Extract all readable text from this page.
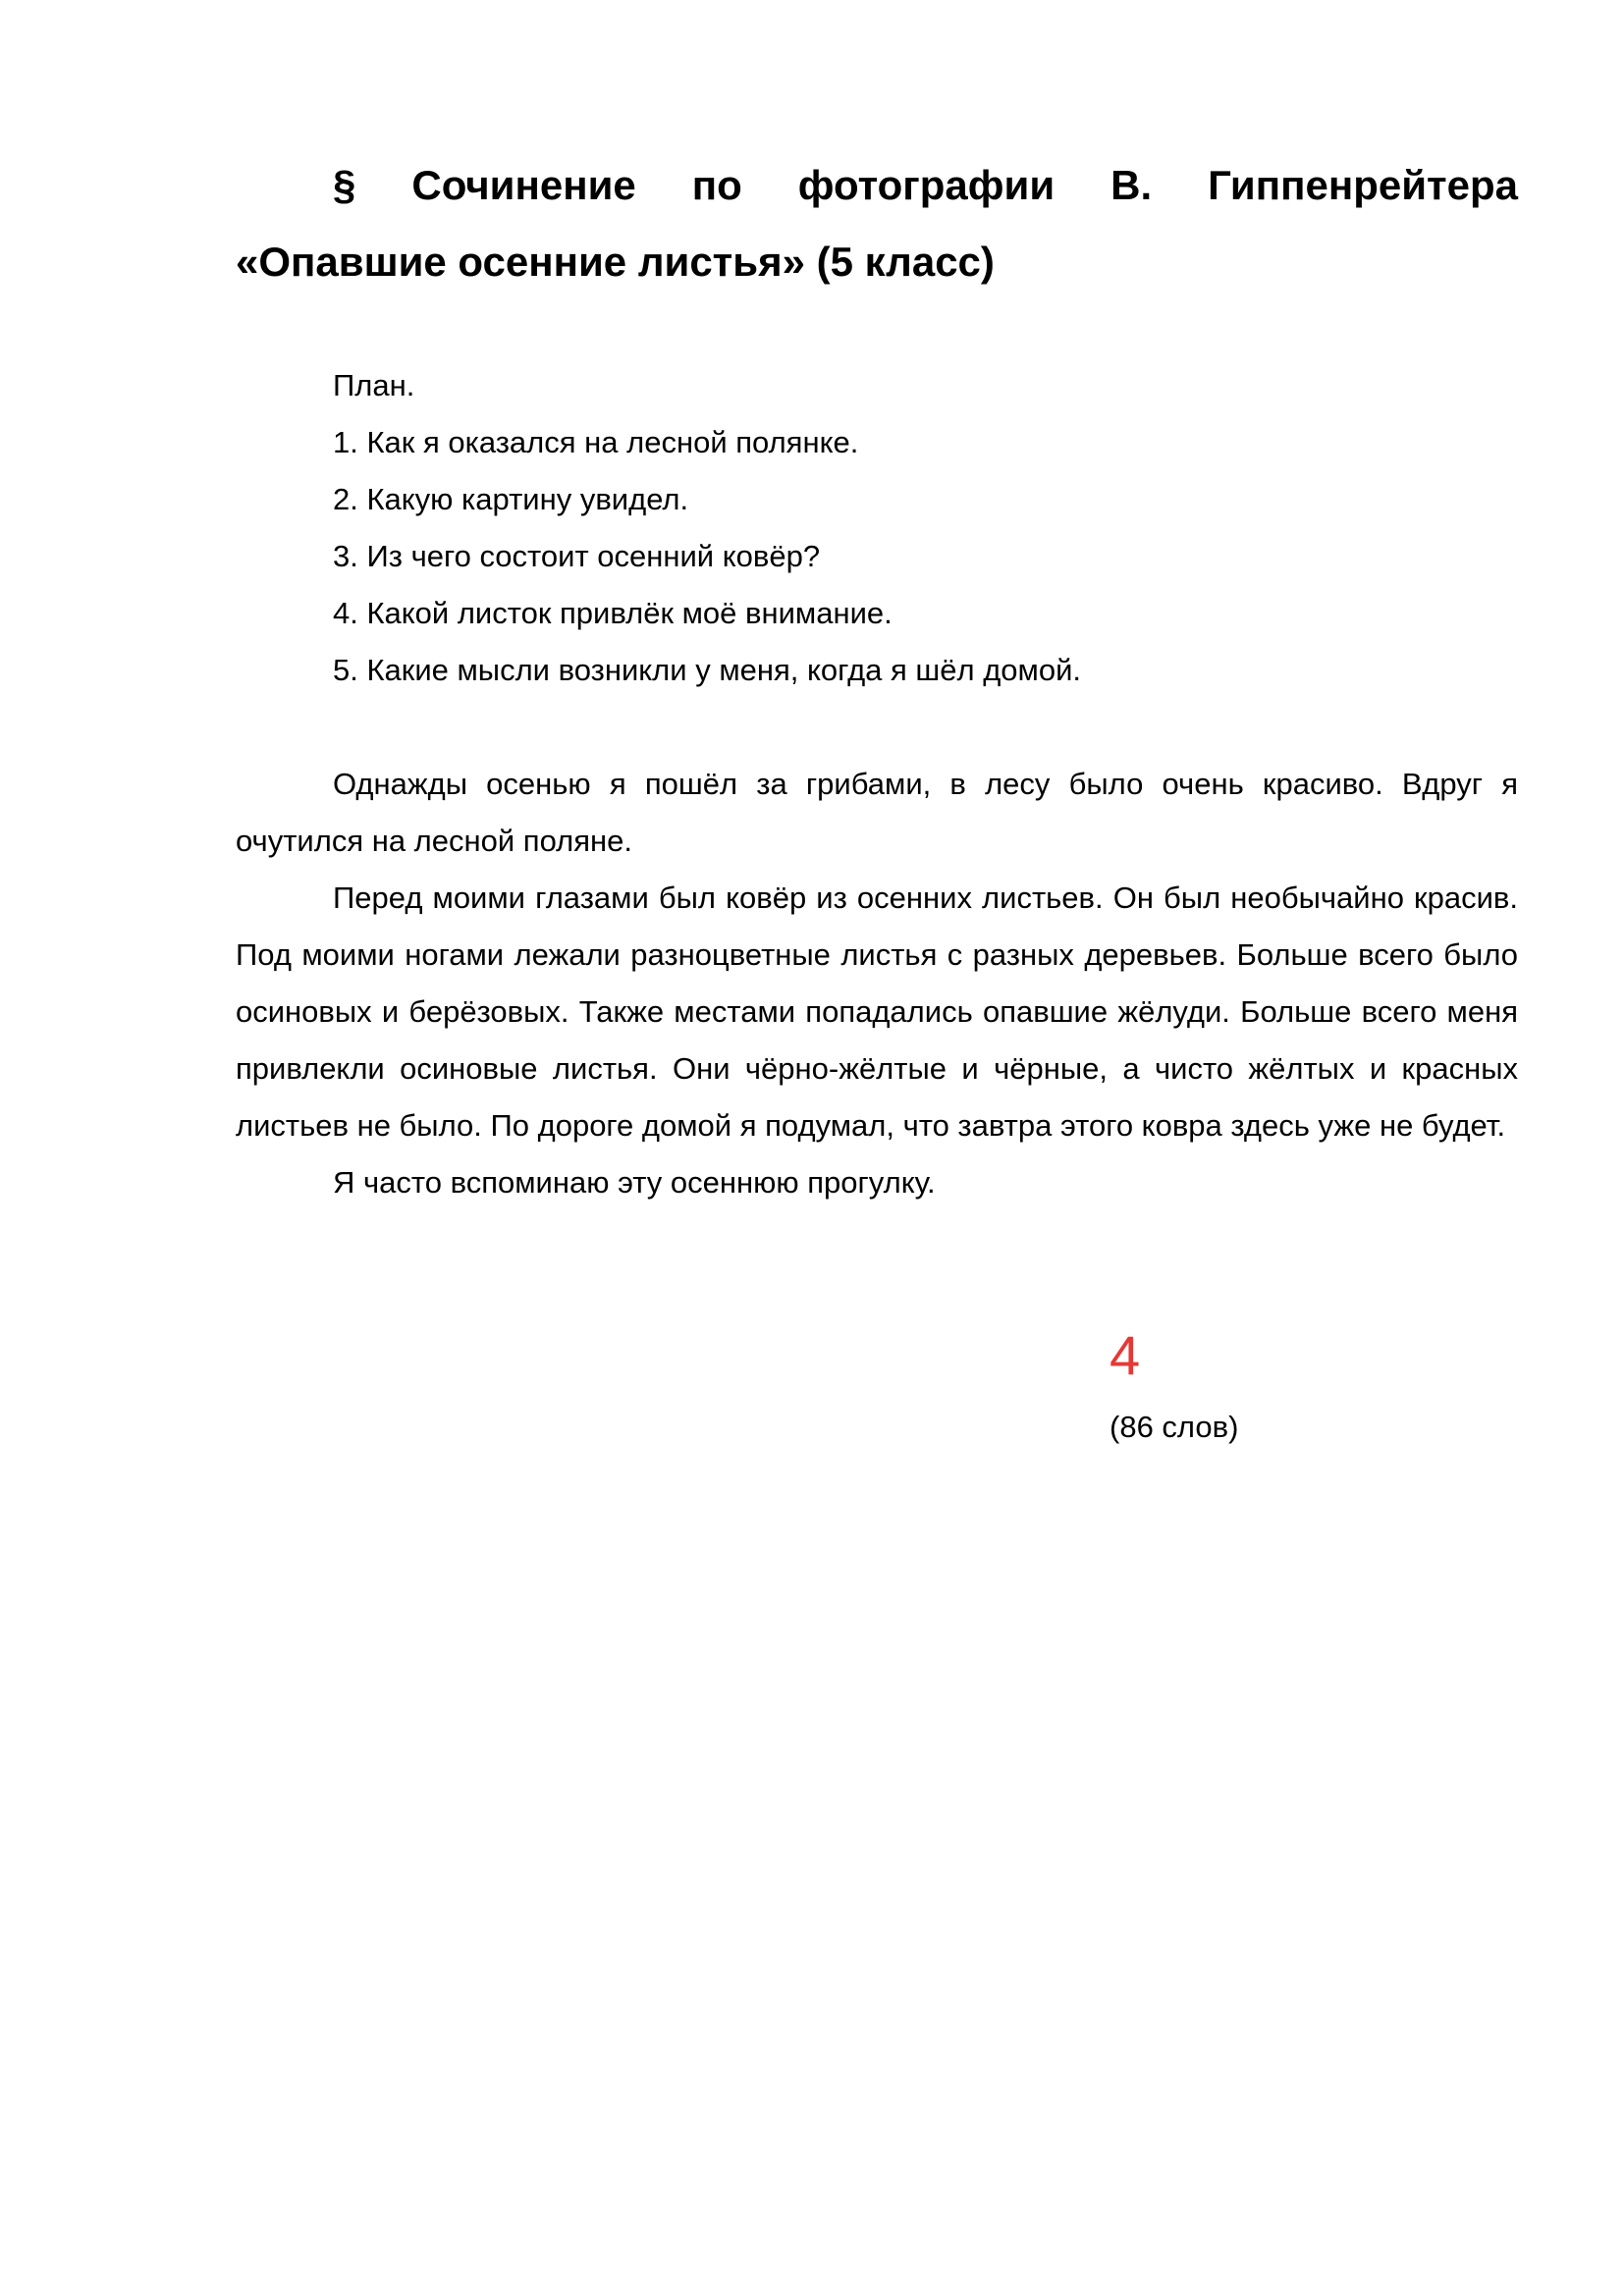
§ Сочинение по фотографии В. Гиппенрейтера
«Опавшие осенние листья» (5 класс)

План.

1. Как я оказался на лесной полянке.

2. Какую картину увидел.

3. Из чего состоит осенний ковёр?

4. Какой листок привлёк моё внимание.

5. Какие мысли возникли у меня, когда я шёл домой.

Однажды осенью я пошёл за грибами, в лесу было очень красиво. Вдруг я очутился на лесной поляне.

Перед моими глазами был ковёр из осенних листьев. Он был необычайно красив. Под моими ногами лежали разноцветные листья с разных деревьев. Больше всего было осиновых и берёзовых. Также местами попадались опавшие жёлуди. Больше всего меня привлекли осиновые листья. Они чёрно-жёлтые и чёрные, а чисто жёлтых и красных листьев не было. По дороге домой я подумал, что завтра этого ковра здесь уже не будет.

Я часто вспоминаю эту осеннюю прогулку.

4

(86 слов)
